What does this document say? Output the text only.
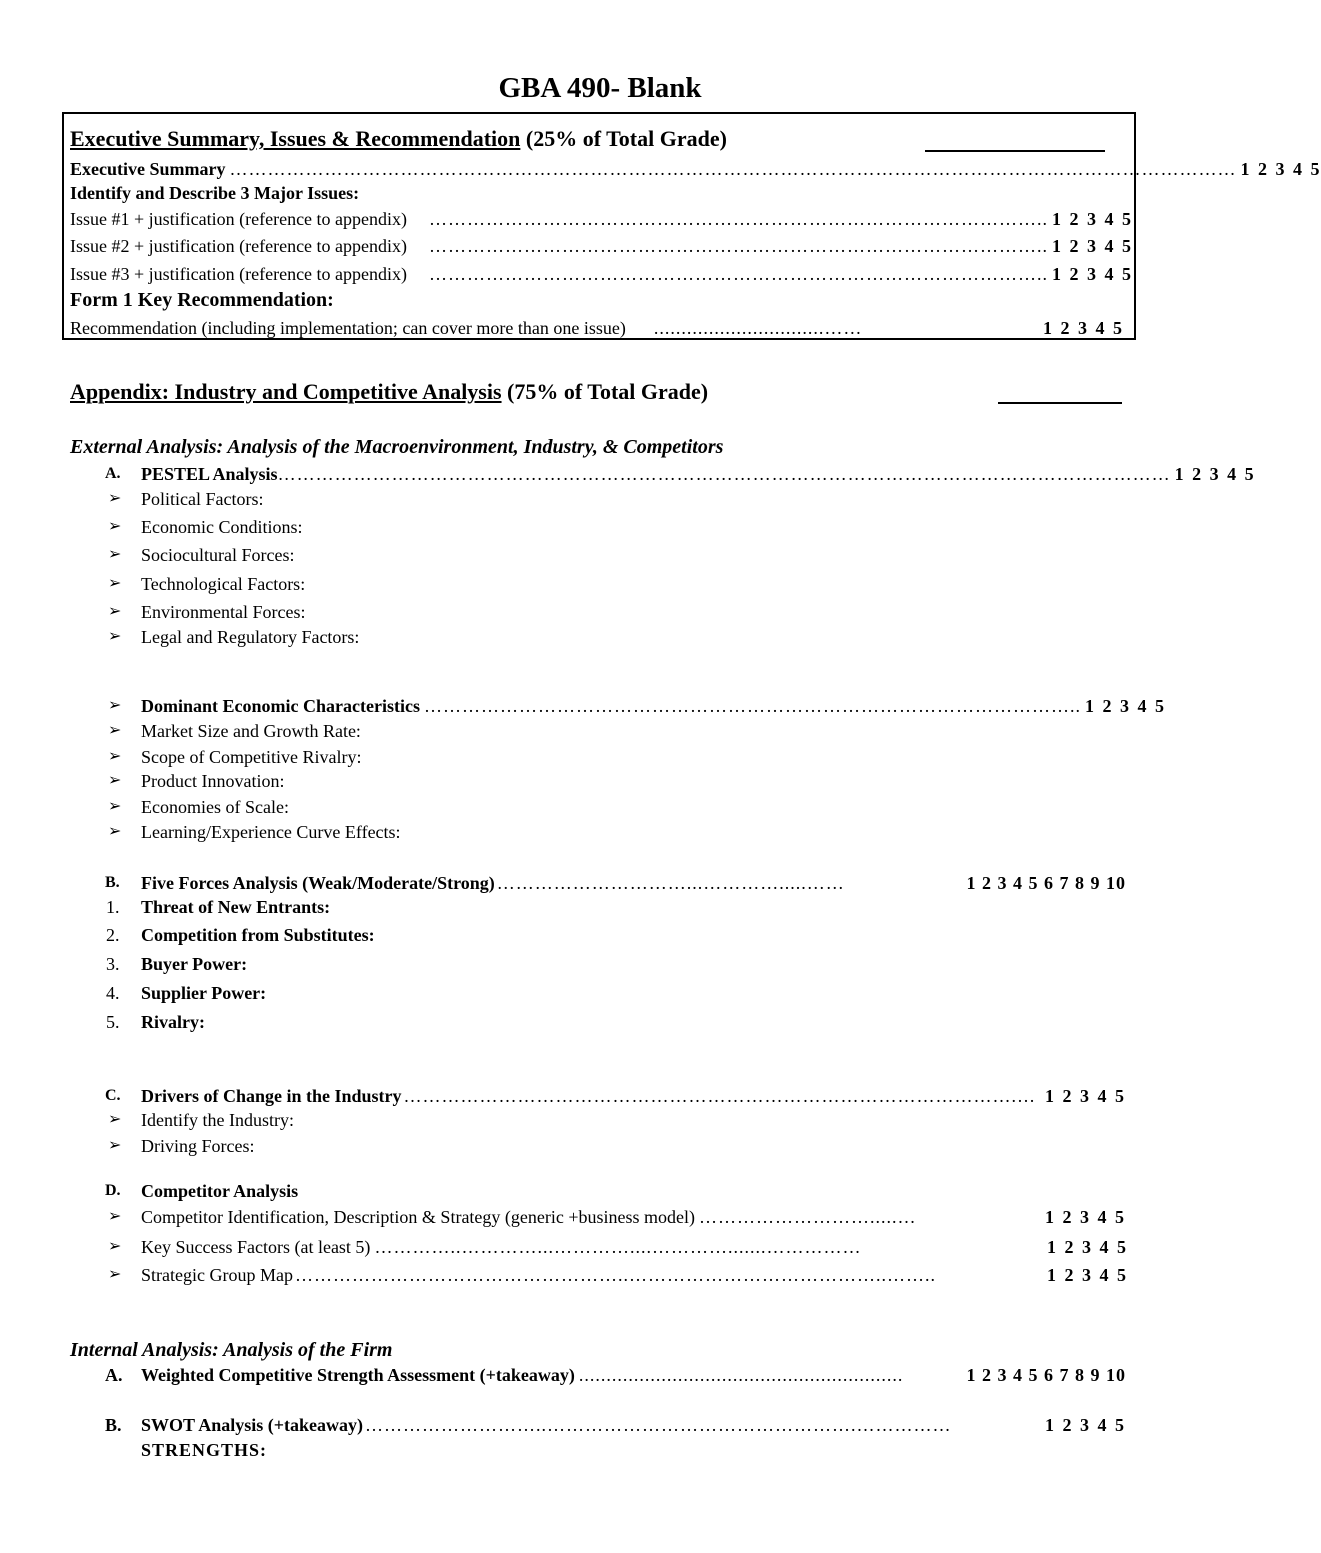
GBA 490- Blank
Executive Summary, Issues & Recommendation (25% of Total Grade)
Executive Summary …………………………………………………………………………………………………………………………………………… 1 2 3 4 5
Identify and Describe 3 Major Issues:
Issue #1 + justification (reference to appendix) …………………………………………………………………………………….. 1 2 3 4 5
Issue #2 + justification (reference to appendix) …………………………………………………………………………………….. 1 2 3 4 5
Issue #3 + justification (reference to appendix) …………………………………………………………………………………….. 1 2 3 4 5
Form 1 Key Recommendation:
Recommendation (including implementation; can cover more than one issue) ...............................……	1 2 3 4 5
Appendix: Industry and Competitive Analysis (75% of Total Grade)
External Analysis: Analysis of the Macroenvironment, Industry, & Competitors
A. PESTEL Analysis …………………………………………………………………………………………………………………………… 1 2 3 4 5
➢ Political Factors:
➢ Economic Conditions:
➢ Sociocultural Forces:
➢ Technological Factors:
➢ Environmental Forces:
➢ Legal and Regulatory Factors:
➢ Dominant Economic Characteristics ………………………………………………………………………………………….. 1 2 3 4 5
➢ Market Size and Growth Rate:
➢ Scope of Competitive Rivalry:
➢ Product Innovation:
➢ Economies of Scale:
➢ Learning/Experience Curve Effects:
B. Five Forces Analysis (Weak/Moderate/Strong) …………………………...………….....……	1 2 3 4 5 6 7 8 9 10
1. Threat of New Entrants:
2. Competition from Substitutes:
3. Buyer Power:
4. Supplier Power:
5. Rivalry:
C. Drivers of Change in the Industry …………………………………………………………………………………….… 1 2 3 4 5
➢ Identify the Industry:
➢ Driving Forces:
D. Competitor Analysis
➢ Competitor Identification, Description & Strategy (generic +business model) ……………………….....…	1 2 3 4 5
➢ Key Success Factors (at least 5) …………..…………...…………....………….......……………	1 2 3 4 5
➢ Strategic Group Map ……………………………………………..…………………………………..……..	1 2 3 4 5
Internal Analysis: Analysis of the Firm
A. Weighted Competitive Strength Assessment (+takeaway) ...........................................................	1 2 3 4 5 6 7 8 9 10
B. SWOT Analysis (+takeaway) ………………………..………………………………………….……………	1 2 3 4 5
STRENGTHS:
